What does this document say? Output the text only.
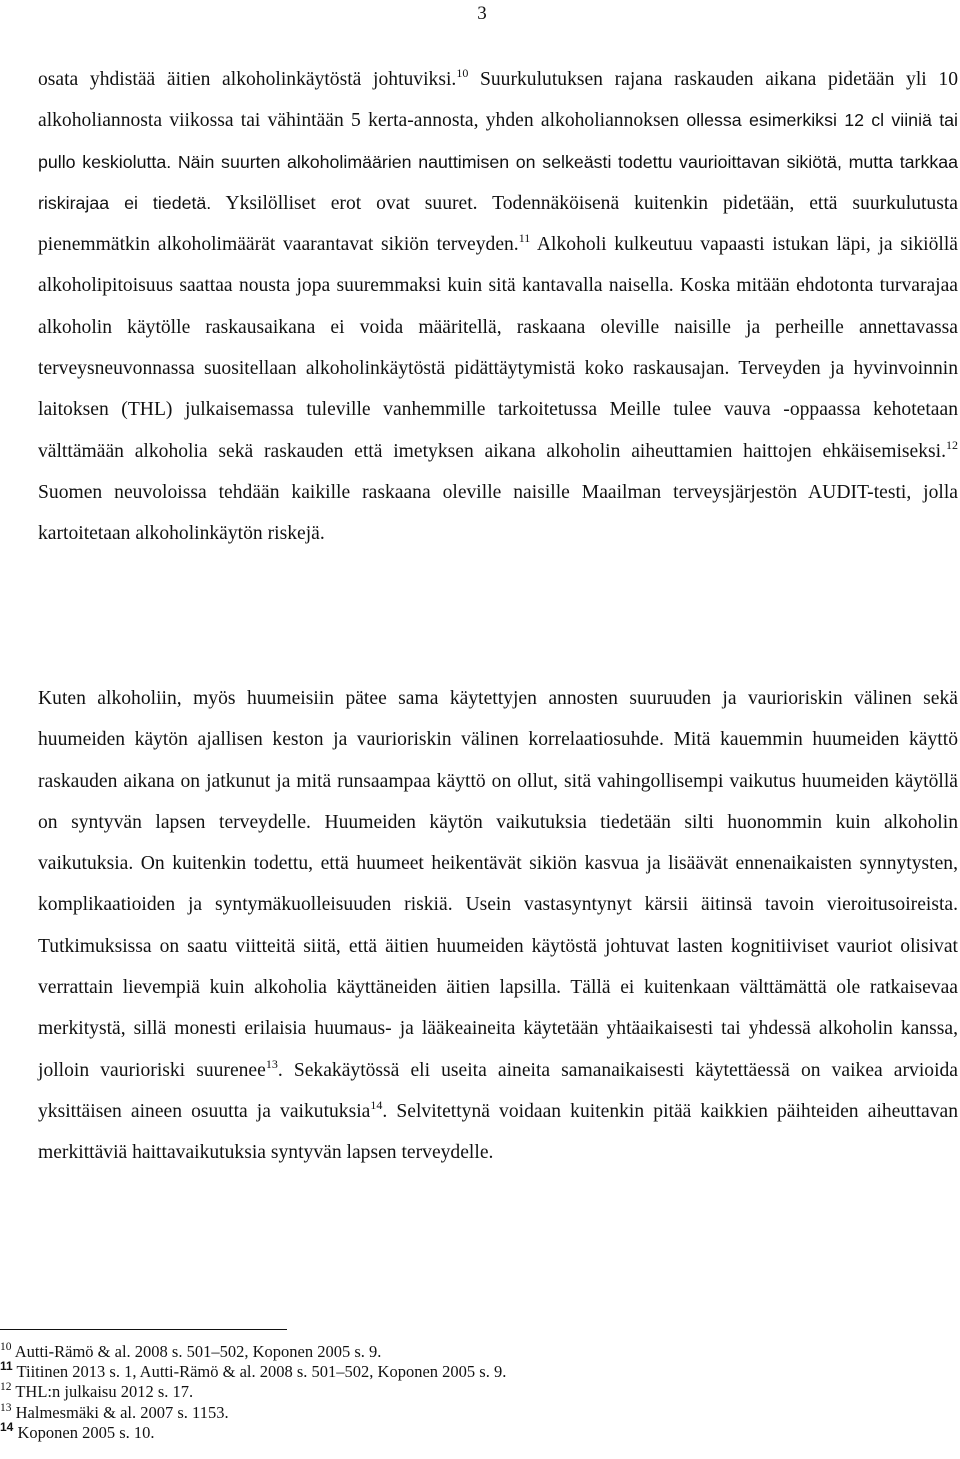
3

osata yhdistää äitien alkoholinkäytöstä johtuviksi.$^{10}$ Suurkulutuksen rajana raskauden aikana pidetään yli 10 alkoholiannosta viikossa tai vähintään 5 kerta-annosta, yhden alkoholiannoksen ollessa esimerkiksi 12 cl viiniä tai pullo keskiolutta. Näin suurten alkoholimäärien nauttimisen on selkeästi todettu vaurioittavan sikiötä, mutta tarkkaa riskirajaa ei tiedetä. Yksilölliset erot ovat suuret. Todennäköisenä kuitenkin pidetään, että suurkulutusta pienemmätkin alkoholimäärät vaarantavat sikiön terveyden.$^{11}$ Alkoholi kulkeutuu vapaasti istukan läpi, ja sikiöllä alkoholipitoisuus saattaa nousta jopa suuremmaksi kuin sitä kantavalla naisella. Koska mitään ehdotonta turvarajaa alkoholin käytölle raskausaikana ei voida määritellä, raskaana oleville naisille ja perheille annettavassa terveysneuvonnassa suositellaan alkoholinkäytöstä pidättäytymistä koko raskausajan. Terveyden ja hyvinvoinnin laitoksen (THL) julkaisemassa tuleville vanhemmille tarkoitetussa Meille tulee vauva -oppaassa kehotetaan välttämään alkoholia sekä raskauden että imetyksen aikana alkoholin aiheuttamien haittojen ehkäisemiseksi.$^{12}$ Suomen neuvoloissa tehdään kaikille raskaana oleville naisille Maailman terveysjärjestön AUDIT-testi, jolla kartoitetaan alkoholinkäytön riskejä.

Kuten alkoholiin, myös huumeisiin pätee sama käytettyjen annosten suuruuden ja vaurioriskin välinen sekä huumeiden käytön ajallisen keston ja vaurioriskin välinen korrelaatiosuhde. Mitä kauemmin huumeiden käyttö raskauden aikana on jatkunut ja mitä runsaampaa käyttö on ollut, sitä vahingollisempi vaikutus huumeiden käytöllä on syntyvän lapsen terveydelle. Huumeiden käytön vaikutuksia tiedetään silti huonommin kuin alkoholin vaikutuksia. On kuitenkin todettu, että huumeet heikentävät sikiön kasvua ja lisäävät ennenaikaisten synnytysten, komplikaatioiden ja syntymäkuolleisuuden riskiä. Usein vastasyntynyt kärsii äitinsä tavoin vieroitusoireista. Tutkimuksissa on saatu viitteitä siitä, että äitien huumeiden käytöstä johtuvat lasten kognitiiviset vauriot olisivat verrattain lievempiä kuin alkoholia käyttäneiden äitien lapsilla. Tällä ei kuitenkaan välttämättä ole ratkaisevaa merkitystä, sillä monesti erilaisia huumaus- ja lääkeaineita käytetään yhtäaikaisesti tai yhdessä alkoholin kanssa, jolloin vaurioriski suurenee$^{13}$. Sekakäytössä eli useita aineita samanaikaisesti käytettäessä on vaikea arvioida yksittäisen aineen osuutta ja vaikutuksia$^{14}$. Selvitettynä voidaan kuitenkin pitää kaikkien päihteiden aiheuttavan merkittäviä haittavaikutuksia syntyvän lapsen terveydelle.

$^{10}$ Autti-Rämö & al. 2008 s. 501–502, Koponen 2005 s. 9.
$^{11}$ Tiitinen 2013 s. 1, Autti-Rämö & al. 2008 s. 501–502, Koponen 2005 s. 9.
$^{12}$ THL:n julkaisu 2012 s. 17.
$^{13}$ Halmesmäki & al. 2007 s. 1153.
$^{14}$ Koponen 2005 s. 10.
